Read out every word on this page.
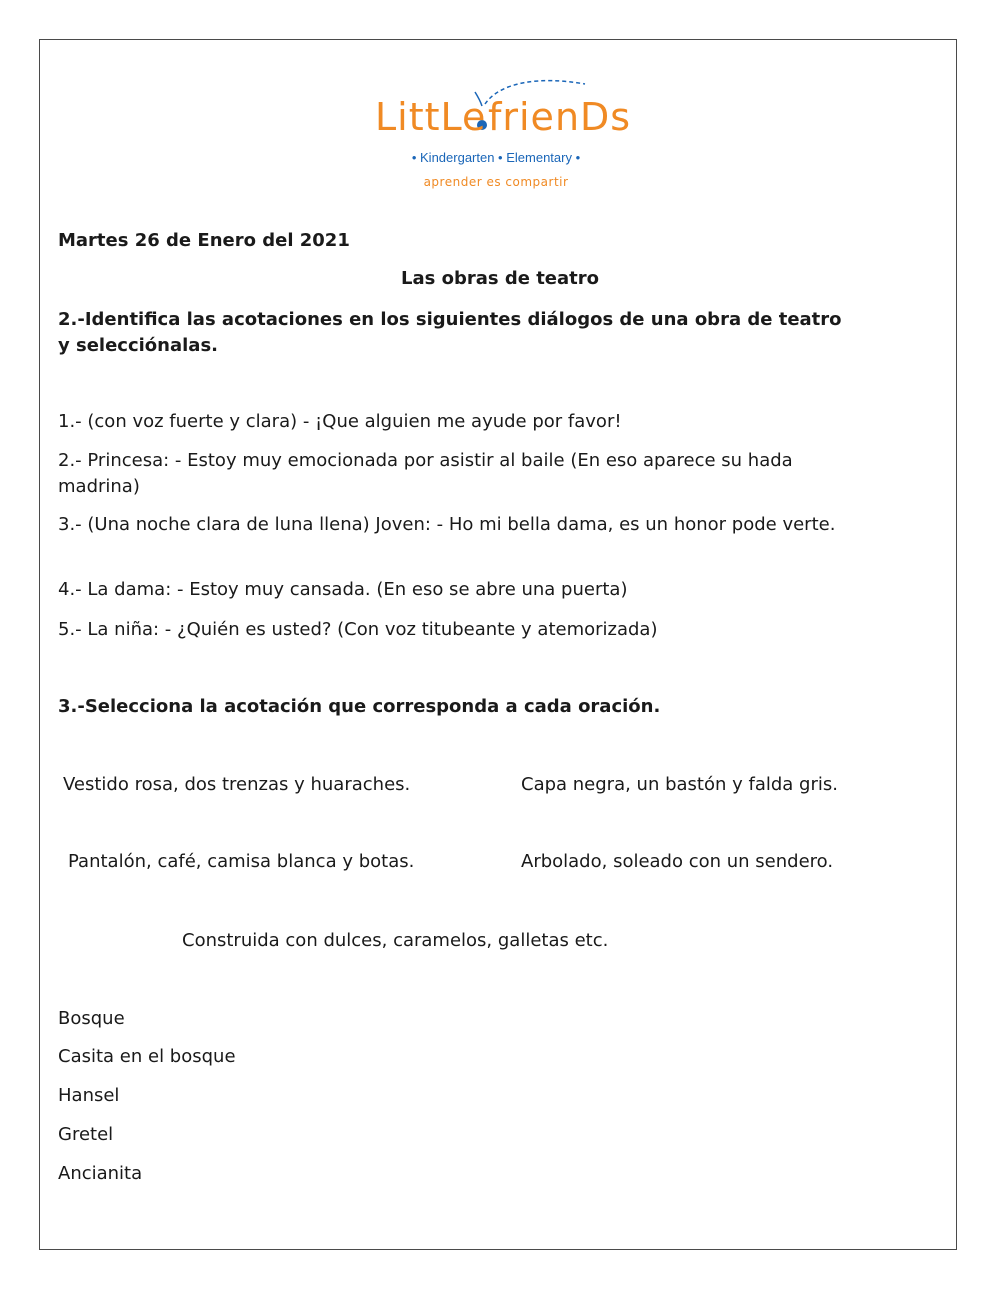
LittLe frienDs
• Kindergarten • Elementary •
aprender es compartir
Martes 26 de Enero del 2021
Las obras de teatro
2.-Identifica las acotaciones en los siguientes diálogos de una obra de teatro y selecciónalas.
1.- (con voz fuerte y clara) - ¡Que alguien me ayude por favor!
2.- Princesa: - Estoy muy emocionada por asistir al baile (En eso aparece su hada madrina)
3.- (Una noche clara de luna llena) Joven: - Ho mi bella dama, es un honor pode verte.
4.- La dama: - Estoy muy cansada. (En eso se abre una puerta)
5.- La niña: - ¿Quién es usted? (Con voz titubeante y atemorizada)
3.-Selecciona la acotación que corresponda a cada oración.
Vestido rosa, dos trenzas y huaraches.	Capa negra, un bastón y falda gris.
Pantalón, café, camisa blanca y botas.	Arbolado, soleado con un sendero.
Construida con dulces, caramelos, galletas etc.
Bosque
Casita en el bosque
Hansel
Gretel
Ancianita
